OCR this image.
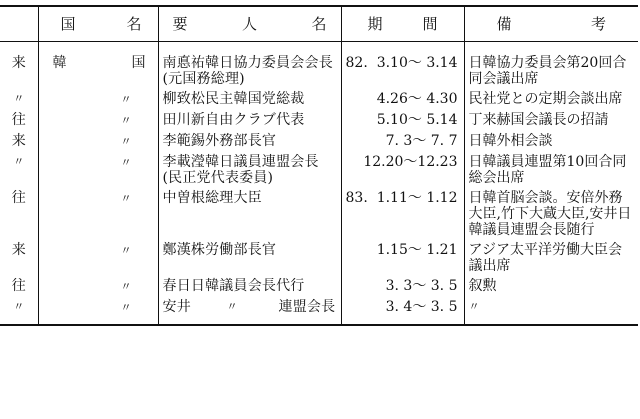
	国 名	要 人 名	期 間	備 考

来	韓 国	南悳祐韓日協力委員会会長(元国務総理)	82. 3.10〜 3.14	日韓協力委員会第20回合同会議出席
〃	〃	柳致松民主韓国党総裁	4.26〜 4.30	民社党との定期会談出席
往	〃	田川新自由クラブ代表	5.10〜 5.14	丁来赫国会議長の招請
来	〃	李範錫外務部長官	7. 3〜 7. 7	日韓外相会談
〃	〃	李載瀅韓日議員連盟会長(民正党代表委員)	12.20〜12.23	日韓議員連盟第10回合同総会出席
往	〃	中曽根総理大臣	83. 1.11〜 1.12	日韓首脳会談。安倍外務大臣,竹下大蔵大臣,安井日韓議員連盟会長随行
来	〃	鄭漢株労働部長官	1.15〜 1.21	アジア太平洋労働大臣会議出席
往	〃	春日日韓議員会長代行	3. 3〜 3. 5	叙勲
〃	〃	安井 〃 連盟会長	3. 4〜 3. 5	〃
